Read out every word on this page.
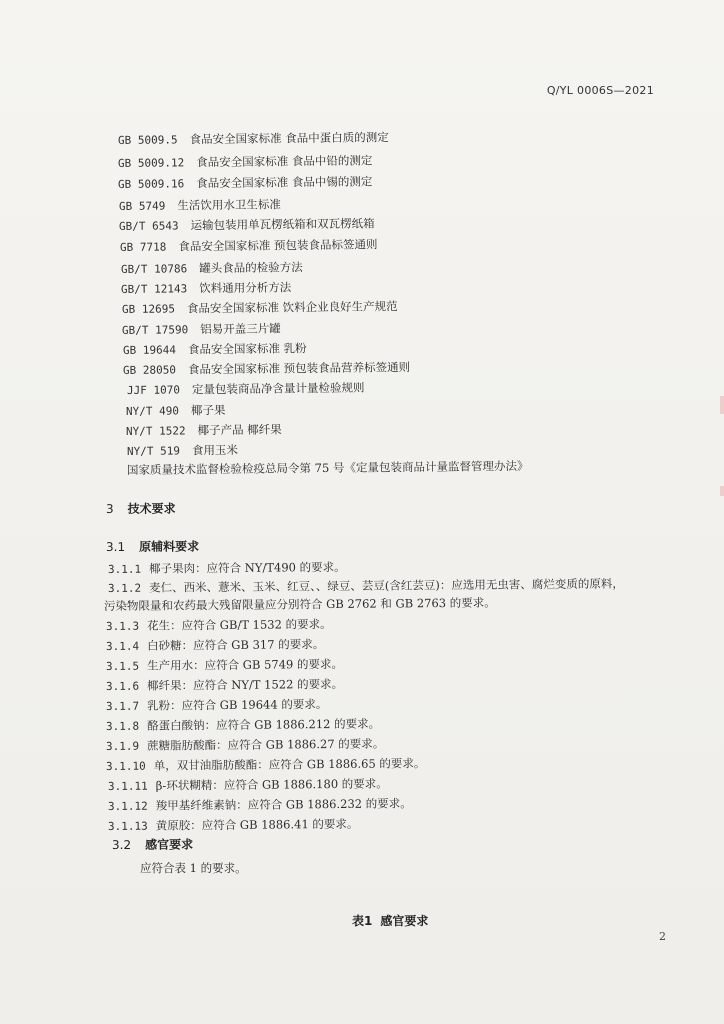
Q/YL 0006S—2021
GB 5009.5 食品安全国家标准 食品中蛋白质的测定
GB 5009.12 食品安全国家标准 食品中铅的测定
GB 5009.16 食品安全国家标准 食品中锡的测定
GB 5749 生活饮用水卫生标准
GB/T 6543 运输包装用单瓦楞纸箱和双瓦楞纸箱
GB 7718 食品安全国家标准 预包装食品标签通则
GB/T 10786 罐头食品的检验方法
GB/T 12143 饮料通用分析方法
GB 12695 食品安全国家标准 饮料企业良好生产规范
GB/T 17590 铝易开盖三片罐
GB 19644 食品安全国家标准 乳粉
GB 28050 食品安全国家标准 预包装食品营养标签通则
JJF 1070 定量包装商品净含量计量检验规则
NY/T 490 椰子果
NY/T 1522 椰子产品 椰纤果
NY/T 519 食用玉米
国家质量技术监督检验检疫总局令第 75 号《定量包装商品计量监督管理办法》
3 技术要求
3.1 原辅料要求
3.1.1 椰子果肉：应符合 NY/T490 的要求。
3.1.2 麦仁、西米、薏米、玉米、红豆、、绿豆、芸豆(含红芸豆)：应选用无虫害、腐烂变质的原料，
污染物限量和农药最大残留限量应分别符合 GB 2762 和 GB 2763 的要求。
3.1.3 花生：应符合 GB/T 1532 的要求。
3.1.4 白砂糖：应符合 GB 317 的要求。
3.1.5 生产用水：应符合 GB 5749 的要求。
3.1.6 椰纤果：应符合 NY/T 1522 的要求。
3.1.7 乳粉：应符合 GB 19644 的要求。
3.1.8 酪蛋白酸钠：应符合 GB 1886.212 的要求。
3.1.9 蔗糖脂肪酸酯：应符合 GB 1886.27 的要求。
3.1.10 单，双甘油脂肪酸酯：应符合 GB 1886.65 的要求。
3.1.11 β-环状糊精：应符合 GB 1886.180 的要求。
3.1.12 羧甲基纤维素钠：应符合 GB 1886.232 的要求。
3.1.13 黄原胶：应符合 GB 1886.41 的要求。
3.2 感官要求
应符合表 1 的要求。
表1 感官要求
2
